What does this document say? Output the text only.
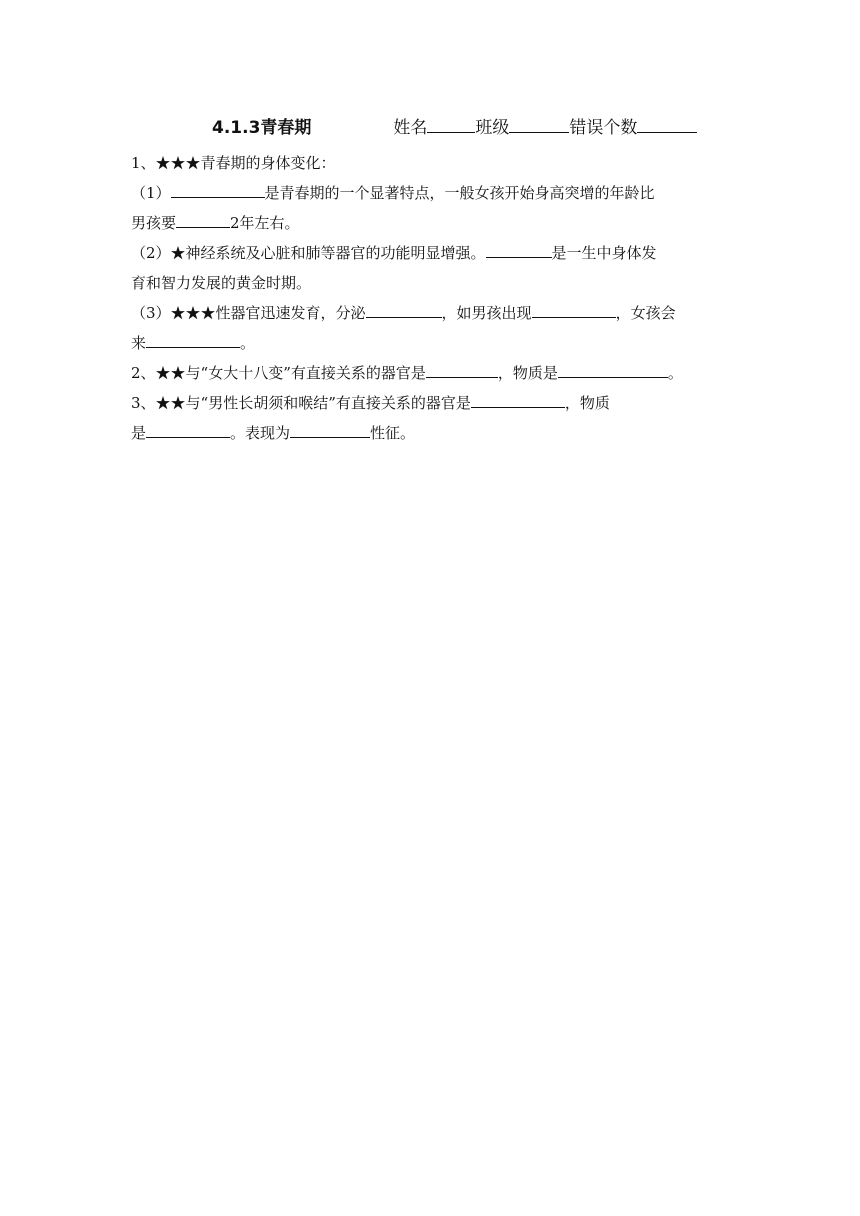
4.1.3青春期	姓名	班级	错误个数
1、★★★青春期的身体变化：
（1）	是青春期的一个显著特点，一般女孩开始身高突增的年龄比
男孩要	2年左右。
（2）★神经系统及心脏和肺等器官的功能明显增强。	是一生中身体发
育和智力发展的黄金时期。
（3）★★★性器官迅速发育，分泌	，如男孩出现	，女孩会
来	。
2、★★与“女大十八变”有直接关系的器官是	，物质是	。
3、★★与“男性长胡须和喉结”有直接关系的器官是	，物质
是	。表现为	性征。
